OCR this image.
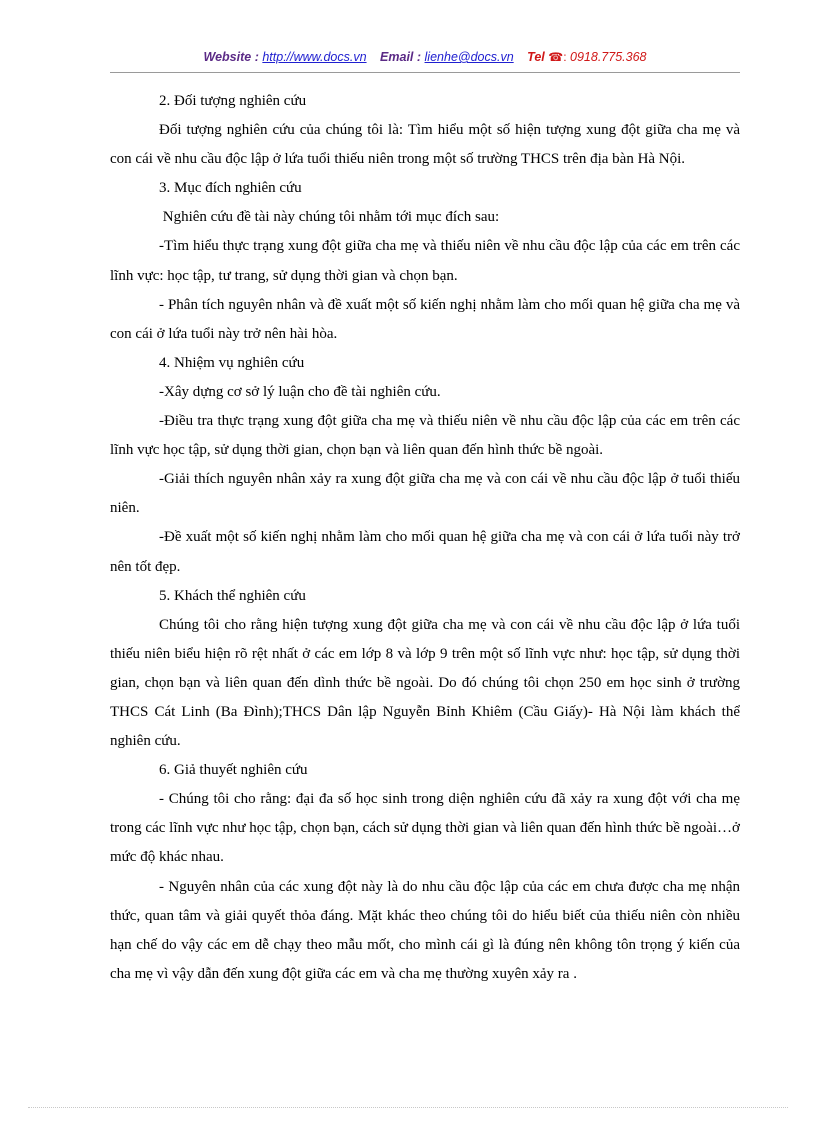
Website : http://www.docs.vn Email : lienhe@docs.vn Tel ☎: 0918.775.368

2. Đối tượng nghiên cứu

Đối tượng nghiên cứu của chúng tôi là: Tìm hiểu một số hiện tượng xung đột giữa cha mẹ và con cái về nhu cầu độc lập ở lứa tuổi thiếu niên trong một số trường THCS trên địa bàn Hà Nội.

3. Mục đích nghiên cứu

Nghiên cứu đề tài này chúng tôi nhằm tới mục đích sau:

-Tìm hiểu thực trạng xung đột giữa cha mẹ và thiếu niên về nhu cầu độc lập của các em trên các lĩnh vực: học tập, tư trang, sử dụng thời gian và chọn bạn.

- Phân tích nguyên nhân và đề xuất một số kiến nghị nhằm làm cho mối quan hệ giữa cha mẹ và con cái ở lứa tuổi này trở nên hài hòa.

4. Nhiệm vụ nghiên cứu

-Xây dựng cơ sở lý luận cho đề tài nghiên cứu.

-Điều tra thực trạng xung đột giữa cha mẹ và thiếu niên về nhu cầu độc lập của các em trên các lĩnh vực học tập, sử dụng thời gian, chọn bạn và liên quan đến hình thức bề ngoài.

-Giải thích nguyên nhân xảy ra xung đột giữa cha mẹ và con cái về nhu cầu độc lập ở tuổi thiếu niên.

-Đề xuất một số kiến nghị nhằm làm cho mối quan hệ giữa cha mẹ và con cái ở lứa tuổi này trở nên tốt đẹp.

5. Khách thể nghiên cứu

Chúng tôi cho rằng hiện tượng xung đột giữa cha mẹ và con cái về nhu cầu độc lập ở lứa tuổi thiếu niên biểu hiện rõ rệt nhất ở các em lớp 8 và lớp 9 trên một số lĩnh vực như: học tập, sử dụng thời gian, chọn bạn và liên quan đến dình thức bề ngoài. Do đó chúng tôi chọn 250 em học sinh ở trường THCS Cát Linh (Ba Đình);THCS Dân lập Nguyễn Bỉnh Khiêm (Cầu Giấy)- Hà Nội làm khách thể nghiên cứu.

6. Giả thuyết nghiên cứu

- Chúng tôi cho rằng: đại đa số học sinh trong diện nghiên cứu đã xảy ra xung đột với cha mẹ trong các lĩnh vực như học tập, chọn bạn, cách sử dụng thời gian và liên quan đến hình thức bề ngoài…ở mức độ khác nhau.

- Nguyên nhân của các xung đột này là do nhu cầu độc lập của các em chưa được cha mẹ nhận thức, quan tâm và giải quyết thỏa đáng. Mặt khác theo chúng tôi do hiểu biết của thiếu niên còn nhiều hạn chế do vậy các em dễ chạy theo mẫu mốt, cho mình cái gì là đúng nên không tôn trọng ý kiến của cha mẹ vì vậy dẫn đến xung đột giữa các em và cha mẹ thường xuyên xảy ra .
